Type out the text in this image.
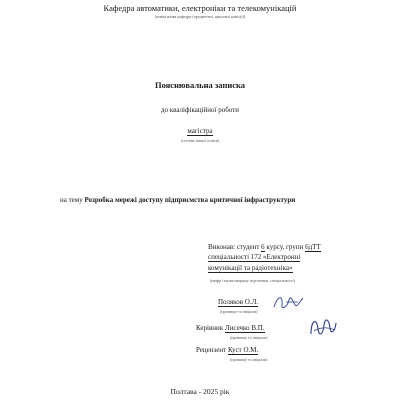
Кафедра автоматики, електроніки та телекомунікацій
(повна назва кафедри (предметної, циклової комісії))
Пояснювальна записка
до кваліфікаційної роботи
магістра
(ступінь вищої освіти)
на тему Розробка мережі доступу підприємства критичної інфраструктури
Виконав: студент 6 курсу, групи 6дТТ
спеціальності 172 «Електронні
комунікації та радіотехніка»
(шифр і назва напряму підготовки, спеціальності)
Поляков О.Л.
(прізвище та ініціали)
Керівник Лисечко В.П.
(прізвище та ініціали)
Рецензент Куст О.М.
(прізвище та ініціали)
Полтава - 2025 рік
